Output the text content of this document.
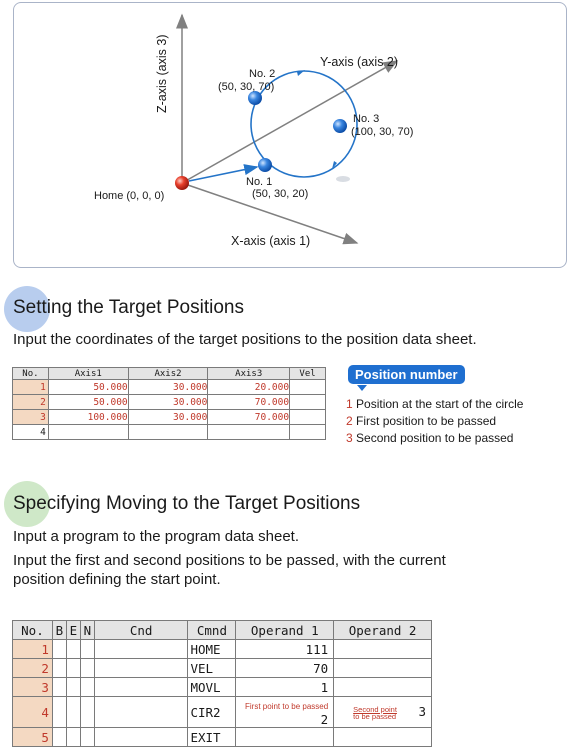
Z-axis (axis 3)	Y-axis (axis 2)
X-axis (axis 1)
Home (0, 0, 0)
No. 2
(50, 30, 70)
No. 3
(100, 30, 70)
No. 1
(50, 30, 20)
Setting the Target Positions
Input the coordinates of the target positions to the position data sheet.
No.	Axis1	Axis2	Axis3	Vel
1	50.000	30.000	20.000	
2	50.000	30.000	70.000	
3	100.000	30.000	70.000	
4				
Position number
1 Position at the start of the circle
2 First position to be passed
3 Second position to be passed
Specifying Moving to the Target Positions
Input a program to the program data sheet.
Input the first and second positions to be passed, with the current
position defining the start point.
No.	B	E	N	Cnd	Cmnd	Operand 1	Operand 2
1					HOME	111	
2					VEL	70	
3					MOVL	1	
4					CIR2	First point to be passed 2	Second point
to be passed 3
5					EXIT		
